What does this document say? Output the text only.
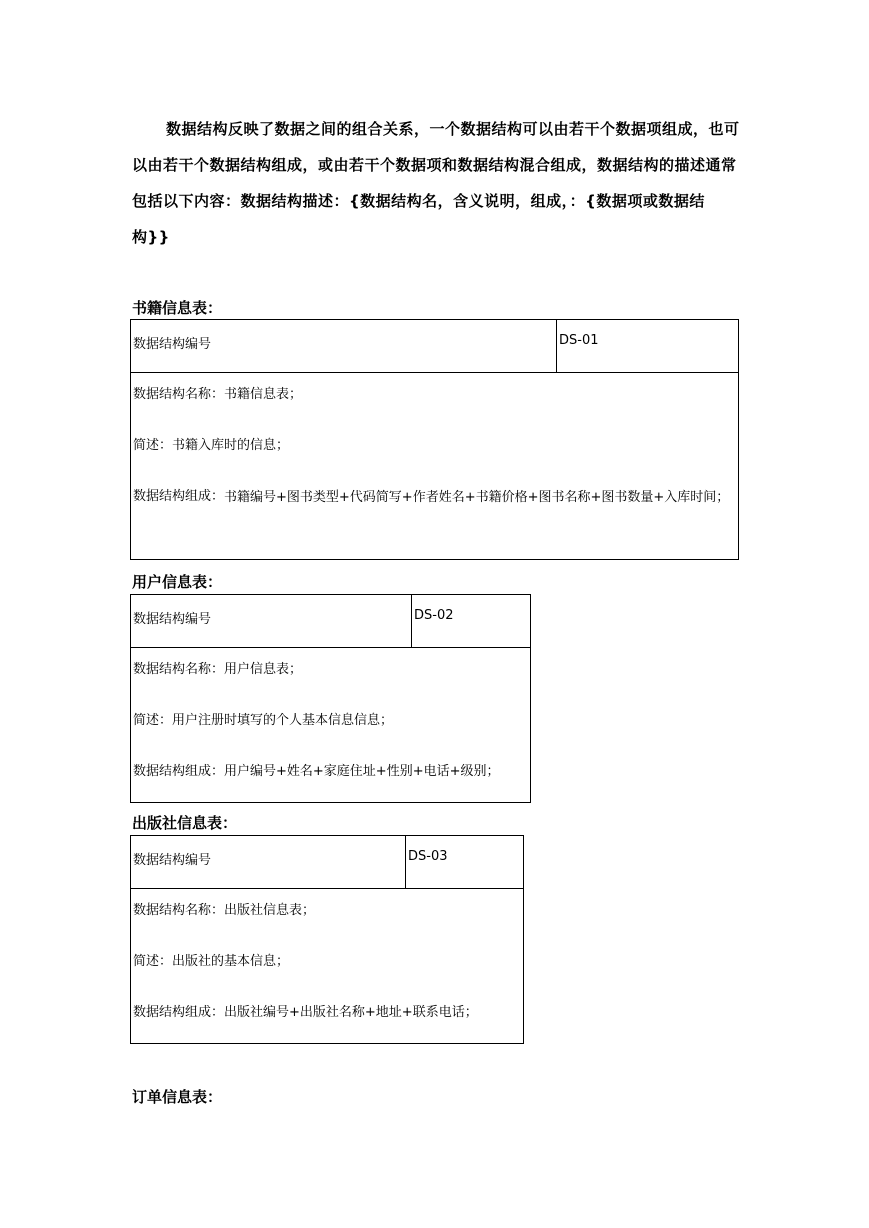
数据结构反映了数据之间的组合关系，一个数据结构可以由若干个数据项组成，也可以由若干个数据结构组成，或由若干个数据项和数据结构混合组成，数据结构的描述通常包括以下内容：数据结构描述：{数据结构名，含义说明，组成，：{数据项或数据结构}}
书籍信息表：
数据结构编号	DS-01

数据结构名称：书籍信息表；
简述：书籍入库时的信息；
数据结构组成： 书籍编号+图书类型+代码简写+作者姓名+书籍价格+图书名称+图书数量+入库时间；
用户信息表：
数据结构编号	DS-02

数据结构名称：用户信息表；
简述：用户注册时填写的个人基本信息信息；
数据结构组成： 用户编号+姓名+家庭住址+性别+电话+级别；
出版社信息表：
数据结构编号	DS-03

数据结构名称：出版社信息表；
简述：出版社的基本信息；
数据结构组成： 出版社编号+出版社名称+地址+联系电话；
订单信息表：
